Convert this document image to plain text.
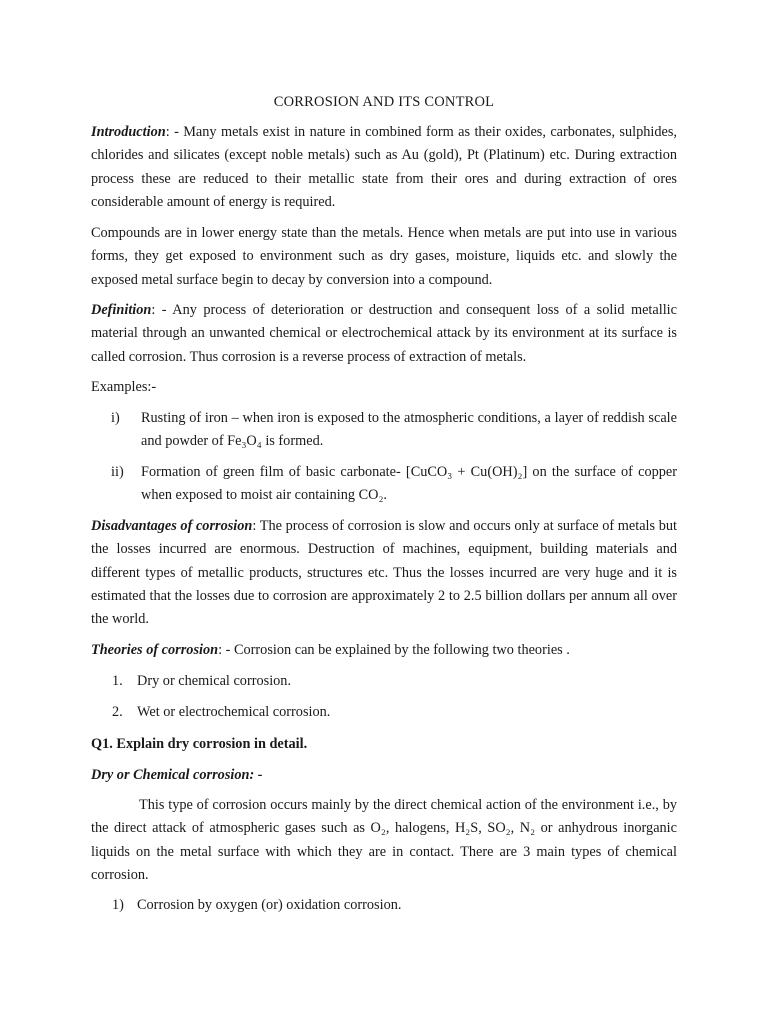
CORROSION AND ITS CONTROL

Introduction: - Many metals exist in nature in combined form as their oxides, carbonates, sulphides, chlorides and silicates (except noble metals) such as Au (gold), Pt (Platinum) etc. During extraction process these are reduced to their metallic state from their ores and during extraction of ores considerable amount of energy is required.

Compounds are in lower energy state than the metals. Hence when metals are put into use in various forms, they get exposed to environment such as dry gases, moisture, liquids etc. and slowly the exposed metal surface begin to decay by conversion into a compound.

Definition: - Any process of deterioration or destruction and consequent loss of a solid metallic material through an unwanted chemical or electrochemical attack by its environment at its surface is called corrosion. Thus corrosion is a reverse process of extraction of metals.

Examples:-

i) Rusting of iron – when iron is exposed to the atmospheric conditions, a layer of reddish scale and powder of Fe₃O₄ is formed.
ii) Formation of green film of basic carbonate- [CuCO₃ + Cu(OH)₂] on the surface of copper when exposed to moist air containing CO₂.

Disadvantages of corrosion: The process of corrosion is slow and occurs only at surface of metals but the losses incurred are enormous. Destruction of machines, equipment, building materials and different types of metallic products, structures etc. Thus the losses incurred are very huge and it is estimated that the losses due to corrosion are approximately 2 to 2.5 billion dollars per annum all over the world.

Theories of corrosion: - Corrosion can be explained by the following two theories .

1. Dry or chemical corrosion.
2. Wet or electrochemical corrosion.

Q1. Explain dry corrosion in detail.

Dry or Chemical corrosion: -

This type of corrosion occurs mainly by the direct chemical action of the environment i.e., by the direct attack of atmospheric gases such as O₂, halogens, H₂S, SO₂, N₂ or anhydrous inorganic liquids on the metal surface with which they are in contact. There are 3 main types of chemical corrosion.

1) Corrosion by oxygen (or) oxidation corrosion.
